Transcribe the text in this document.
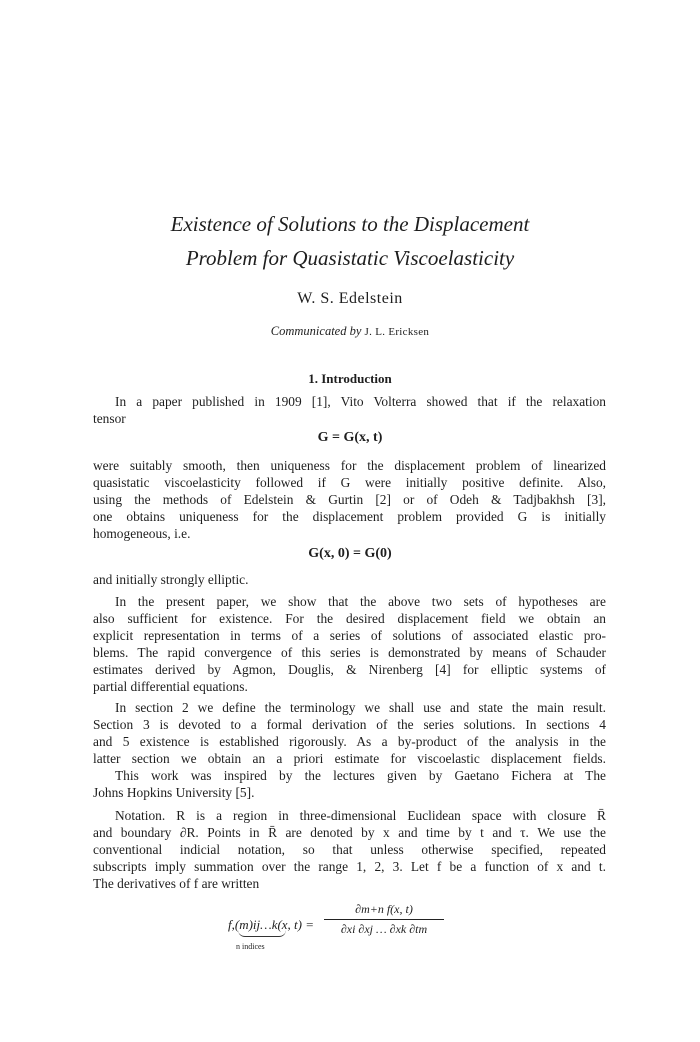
Existence of Solutions to the Displacement
Problem for Quasistatic Viscoelasticity
W. S. Edelstein
Communicated by J. L. Ericksen
1. Introduction
In a paper published in 1909 [1], Vito Volterra showed that if the relaxation
tensor
G = G(x, t)
were suitably smooth, then uniqueness for the displacement problem of linearized
quasistatic viscoelasticity followed if G were initially positive definite. Also,
using the methods of Edelstein & Gurtin [2] or of Odeh & Tadjbakhsh [3],
one obtains uniqueness for the displacement problem provided G is initially
homogeneous, i.e.
G(x, 0) = G(0)
and initially strongly elliptic.
In the present paper, we show that the above two sets of hypotheses are
also sufficient for existence. For the desired displacement field we obtain an
explicit representation in terms of a series of solutions of associated elastic pro-
blems. The rapid convergence of this series is demonstrated by means of Schauder
estimates derived by Agmon, Douglis, & Nirenberg [4] for elliptic systems of
partial differential equations.
In section 2 we define the terminology we shall use and state the main result.
Section 3 is devoted to a formal derivation of the series solutions. In sections 4
and 5 existence is established rigorously. As a by-product of the analysis in the
latter section we obtain an a priori estimate for viscoelastic displacement fields.
This work was inspired by the lectures given by Gaetano Fichera at The
Johns Hopkins University [5].
Notation. R is a region in three-dimensional Euclidean space with closure R̄
and boundary ∂R. Points in R̄ are denoted by x and time by t and τ. We use the
conventional indicial notation, so that unless otherwise specified, repeated
subscripts imply summation over the range 1, 2, 3. Let f be a function of x and t.
The derivatives of f are written
f,(m)ij…k(x, t) =
∂m+n f(x, t)
∂xi ∂xj … ∂xk ∂tm
n indices
